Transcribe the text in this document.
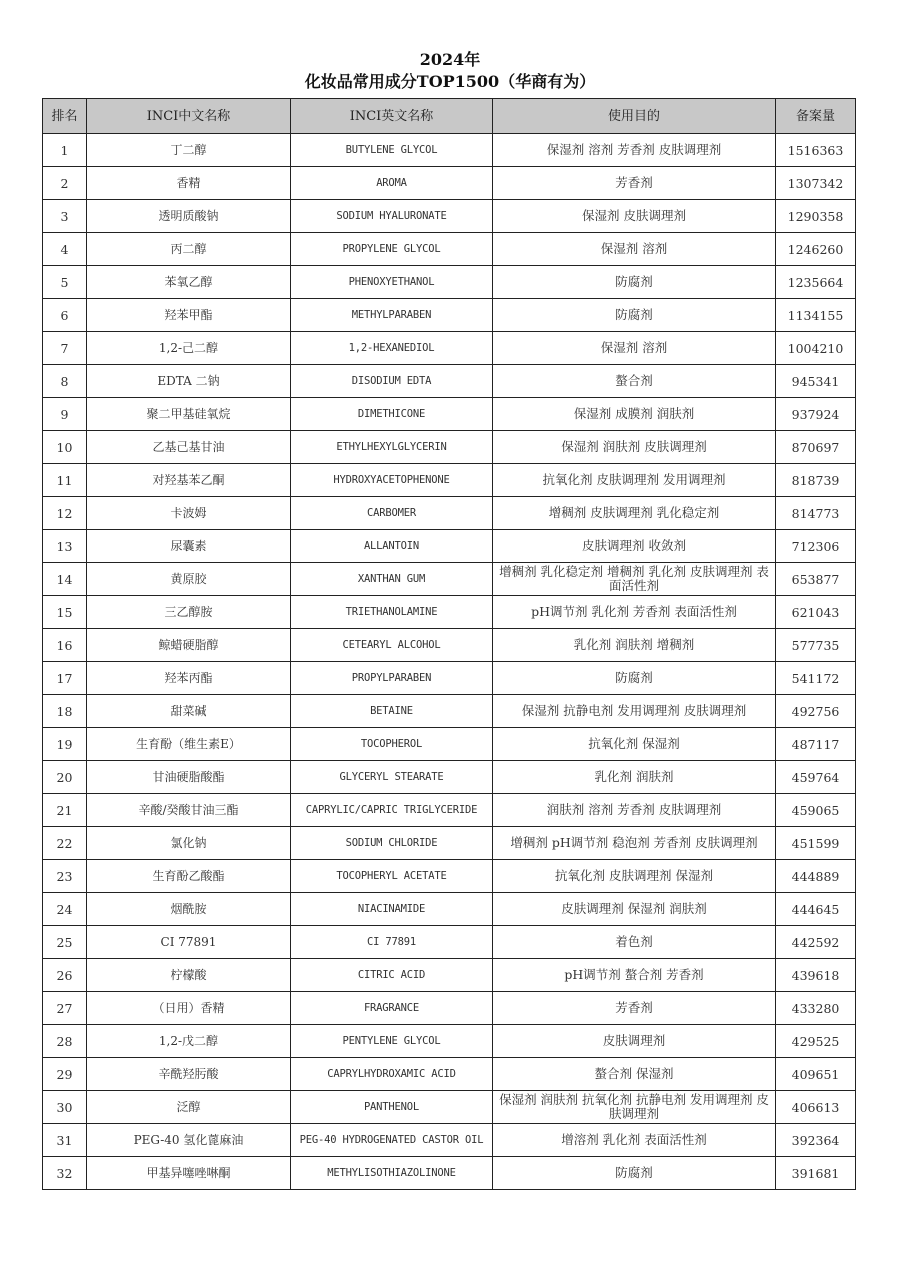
2024年
化妆品常用成分TOP1500（华商有为）
排名	INCI中文名称	INCI英文名称	使用目的	备案量
1	丁二醇	BUTYLENE GLYCOL	保湿剂 溶剂 芳香剂 皮肤调理剂	1516363
2	香精	AROMA	芳香剂	1307342
3	透明质酸钠	SODIUM HYALURONATE	保湿剂 皮肤调理剂	1290358
4	丙二醇	PROPYLENE GLYCOL	保湿剂 溶剂	1246260
5	苯氧乙醇	PHENOXYETHANOL	防腐剂	1235664
6	羟苯甲酯	METHYLPARABEN	防腐剂	1134155
7	1,2-己二醇	1,2-HEXANEDIOL	保湿剂 溶剂	1004210
8	EDTA 二钠	DISODIUM EDTA	螯合剂	945341
9	聚二甲基硅氧烷	DIMETHICONE	保湿剂 成膜剂 润肤剂	937924
10	乙基己基甘油	ETHYLHEXYLGLYCERIN	保湿剂 润肤剂 皮肤调理剂	870697
11	对羟基苯乙酮	HYDROXYACETOPHENONE	抗氧化剂 皮肤调理剂 发用调理剂	818739
12	卡波姆	CARBOMER	增稠剂 皮肤调理剂 乳化稳定剂	814773
13	尿囊素	ALLANTOIN	皮肤调理剂 收敛剂	712306
14	黄原胶	XANTHAN GUM	增稠剂 乳化稳定剂 增稠剂 乳化剂 皮肤调理剂 表面活性剂	653877
15	三乙醇胺	TRIETHANOLAMINE	pH调节剂 乳化剂 芳香剂 表面活性剂	621043
16	鲸蜡硬脂醇	CETEARYL ALCOHOL	乳化剂 润肤剂 增稠剂	577735
17	羟苯丙酯	PROPYLPARABEN	防腐剂	541172
18	甜菜碱	BETAINE	保湿剂 抗静电剂 发用调理剂 皮肤调理剂	492756
19	生育酚（维生素E）	TOCOPHEROL	抗氧化剂 保湿剂	487117
20	甘油硬脂酸酯	GLYCERYL STEARATE	乳化剂 润肤剂	459764
21	辛酸/癸酸甘油三酯	CAPRYLIC/CAPRIC TRIGLYCERIDE	润肤剂 溶剂 芳香剂 皮肤调理剂	459065
22	氯化钠	SODIUM CHLORIDE	增稠剂 pH调节剂 稳泡剂 芳香剂 皮肤调理剂	451599
23	生育酚乙酸酯	TOCOPHERYL ACETATE	抗氧化剂 皮肤调理剂 保湿剂	444889
24	烟酰胺	NIACINAMIDE	皮肤调理剂 保湿剂 润肤剂	444645
25	CI 77891	CI 77891	着色剂	442592
26	柠檬酸	CITRIC ACID	pH调节剂 螯合剂 芳香剂	439618
27	（日用）香精	FRAGRANCE	芳香剂	433280
28	1,2-戊二醇	PENTYLENE GLYCOL	皮肤调理剂	429525
29	辛酰羟肟酸	CAPRYLHYDROXAMIC ACID	螯合剂 保湿剂	409651
30	泛醇	PANTHENOL	保湿剂 润肤剂 抗氧化剂 抗静电剂 发用调理剂 皮肤调理剂	406613
31	PEG-40 氢化蓖麻油	PEG-40 HYDROGENATED CASTOR OIL	增溶剂 乳化剂 表面活性剂	392364
32	甲基异噻唑啉酮	METHYLISOTHIAZOLINONE	防腐剂	391681
